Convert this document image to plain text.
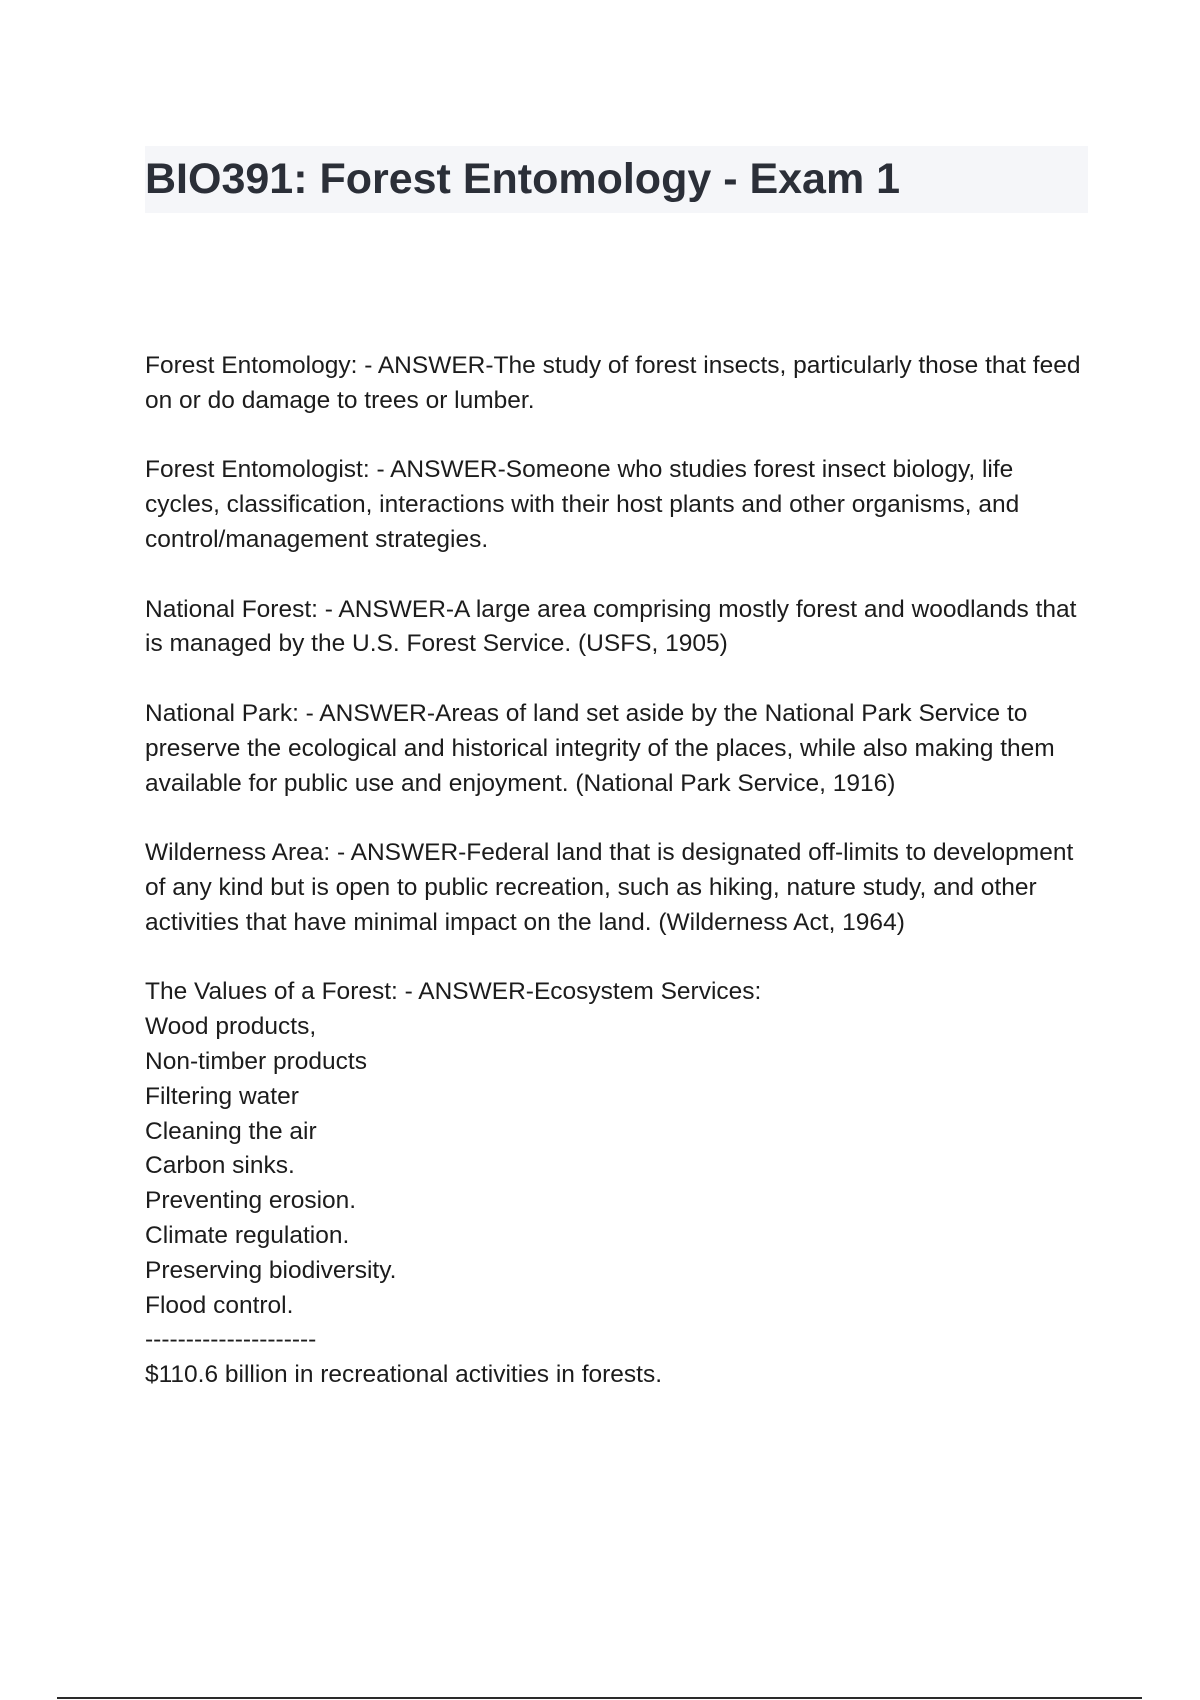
BIO391: Forest Entomology - Exam 1

Forest Entomology: - ANSWER-The study of forest insects, particularly those that feed on or do damage to trees or lumber.

Forest Entomologist: - ANSWER-Someone who studies forest insect biology, life cycles, classification, interactions with their host plants and other organisms, and control/management strategies.

National Forest: - ANSWER-A large area comprising mostly forest and woodlands that is managed by the U.S. Forest Service. (USFS, 1905)

National Park: - ANSWER-Areas of land set aside by the National Park Service to preserve the ecological and historical integrity of the places, while also making them available for public use and enjoyment. (National Park Service, 1916)

Wilderness Area: - ANSWER-Federal land that is designated off-limits to development of any kind but is open to public recreation, such as hiking, nature study, and other activities that have minimal impact on the land. (Wilderness Act, 1964)

The Values of a Forest: - ANSWER-Ecosystem Services:
Wood products,
Non-timber products
Filtering water
Cleaning the air
Carbon sinks.
Preventing erosion.
Climate regulation.
Preserving biodiversity.
Flood control.
---------------------
$110.6 billion in recreational activities in forests.
